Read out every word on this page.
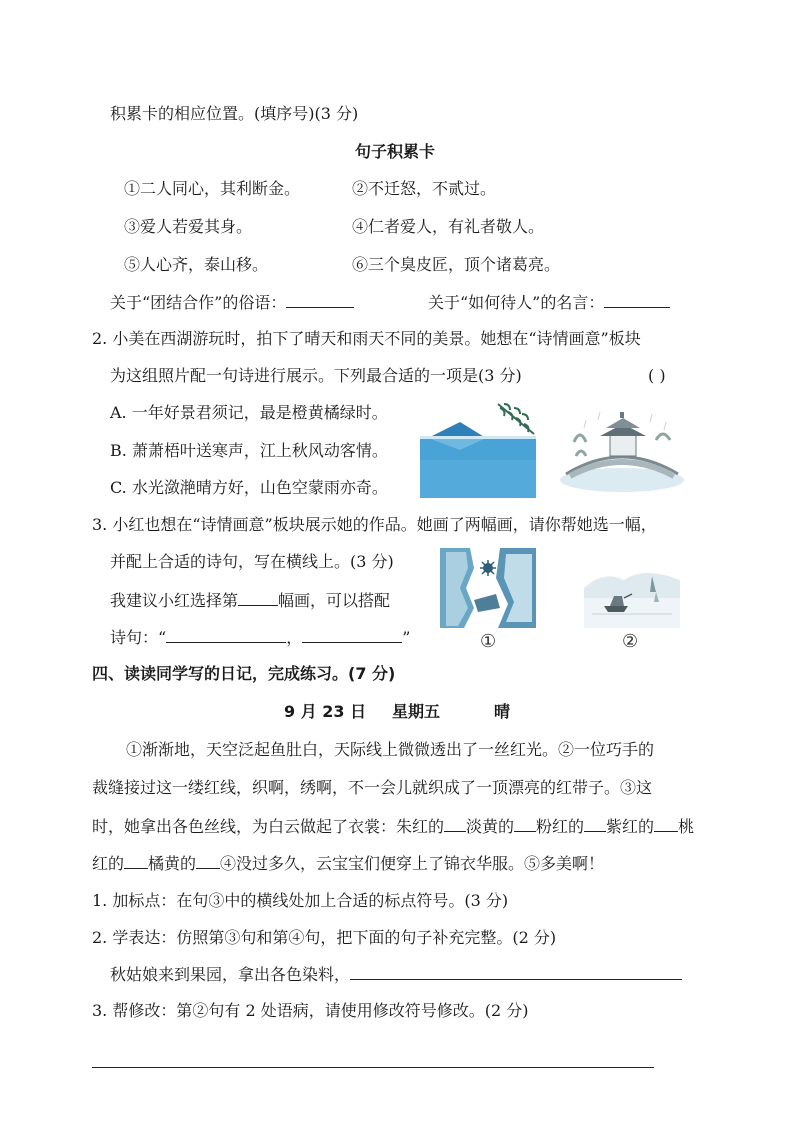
积累卡的相应位置。(填序号)(3 分)
句子积累卡
①二人同心，其利断金。	②不迁怒，不贰过。
③爱人若爱其身。	④仁者爱人，有礼者敬人。
⑤人心齐，泰山移。	⑥三个臭皮匠，顶个诸葛亮。
关于“团结合作”的俗语：	关于“如何待人”的名言：
2. 小美在西湖游玩时，拍下了晴天和雨天不同的美景。她想在“诗情画意”板块
为这组照片配一句诗进行展示。下列最合适的一项是(3 分)	( )
A. 一年好景君须记，最是橙黄橘绿时。
B. 萧萧梧叶送寒声，江上秋风动客情。
C. 水光潋滟晴方好，山色空蒙雨亦奇。
3. 小红也想在“诗情画意”板块展示她的作品。她画了两幅画，请你帮她选一幅，
并配上合适的诗句，写在横线上。(3 分)
我建议小红选择第	幅画，可以搭配
诗句：“	，	”	①	②
四、读读同学写的日记，完成练习。(7 分)
9 月 23 日 星期五	晴
①渐渐地，天空泛起鱼肚白，天际线上微微透出了一丝红光。②一位巧手的
裁缝接过这一缕红线，织啊，绣啊，不一会儿就织成了一顶漂亮的红带子。③这
时，她拿出各色丝线，为白云做起了衣裳：朱红的 淡黄的 粉红的 紫红的 桃
红的 橘黄的 ④没过多久，云宝宝们便穿上了锦衣华服。⑤多美啊！
1. 加标点：在句③中的横线处加上合适的标点符号。(3 分)
2. 学表达：仿照第③句和第④句，把下面的句子补充完整。(2 分)
秋姑娘来到果园，拿出各色染料，
3. 帮修改：第②句有 2 处语病，请使用修改符号修改。(2 分)
